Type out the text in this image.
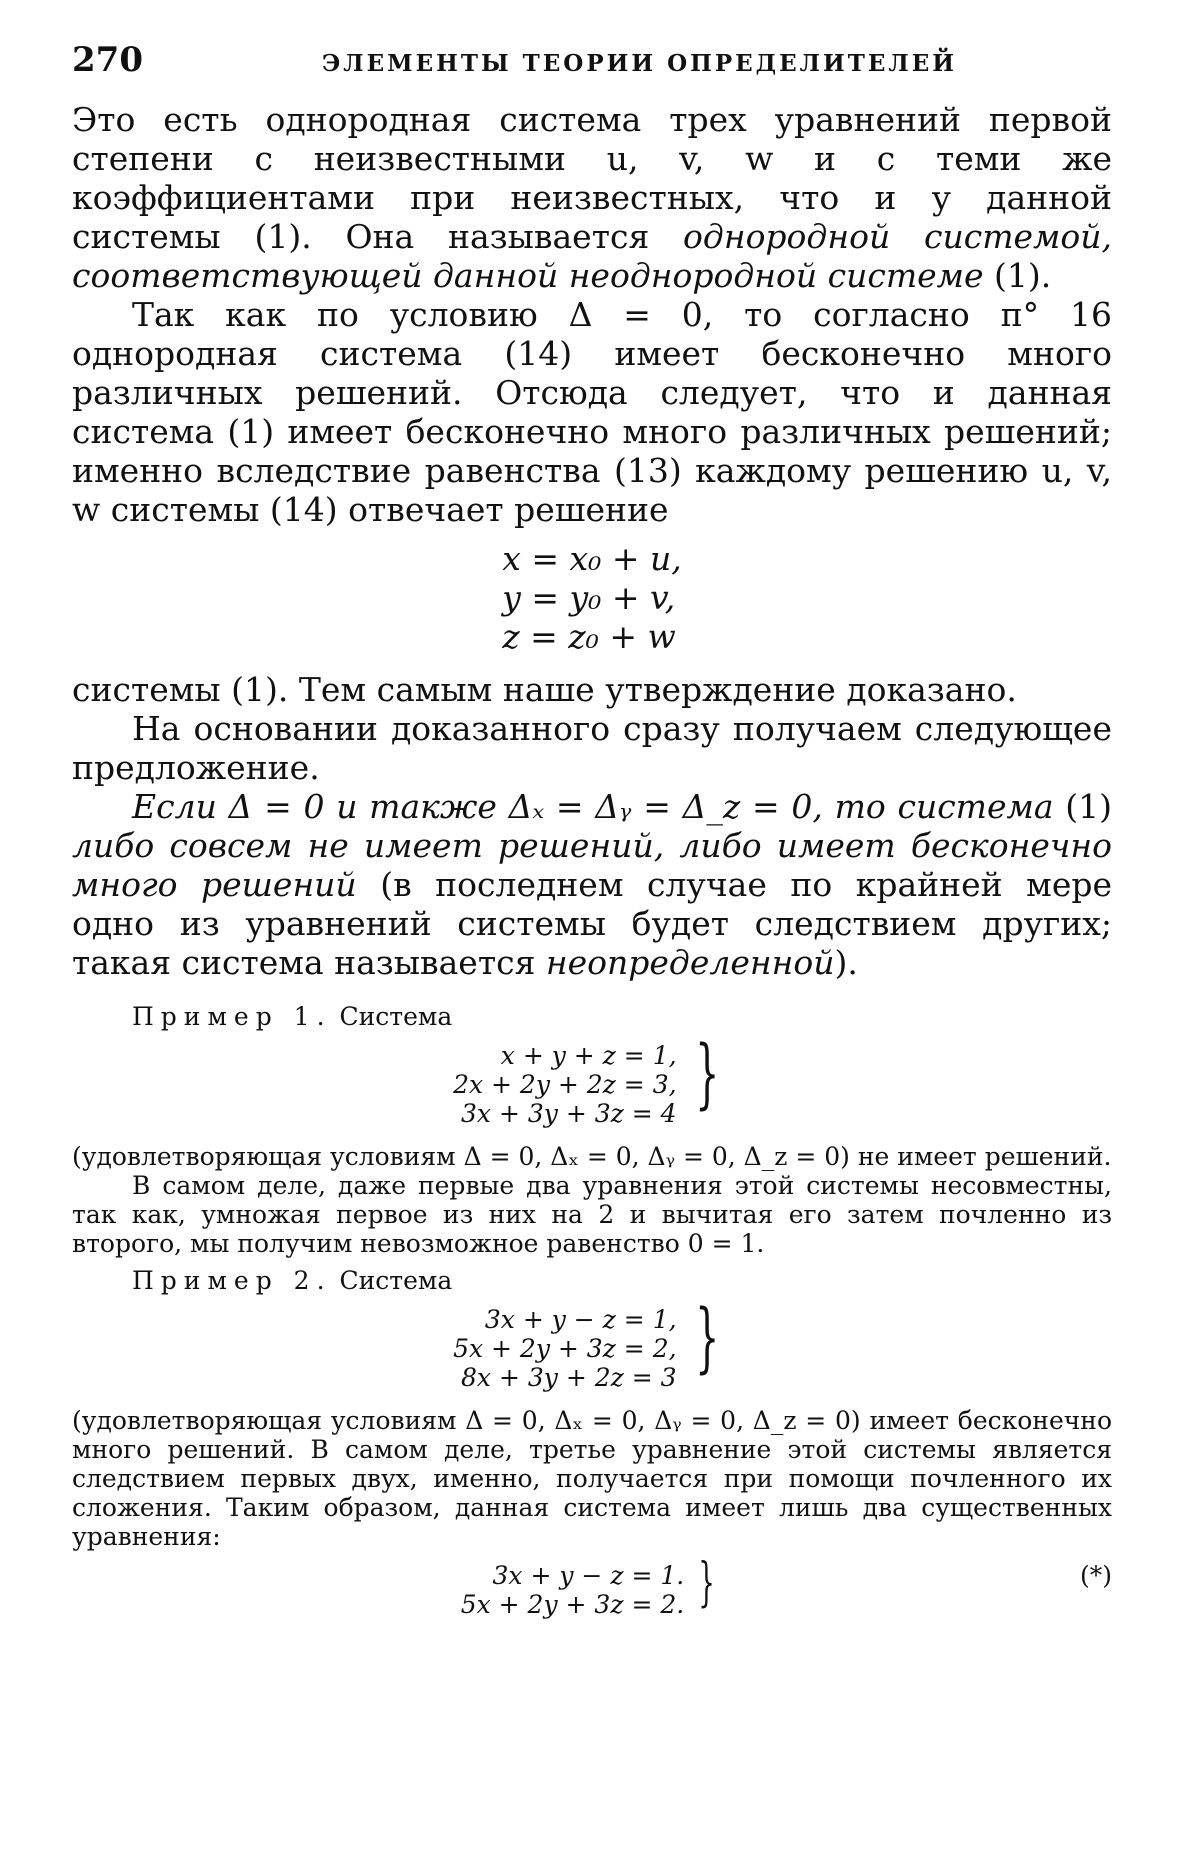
270	ЭЛЕМЕНТЫ ТЕОРИИ ОПРЕДЕЛИТЕЛЕЙ

Это есть однородная система трех уравнений первой степени с неизвестными u, v, w и с теми же коэффициентами при неизвестных, что и у данной системы (1). Она называется однородной системой, соответствующей данной неоднородной системе (1).

Так как по условию Δ = 0, то согласно п° 16 однородная система (14) имеет бесконечно много различных решений. Отсюда следует, что и данная система (1) имеет бесконечно много различных решений; именно вследствие равенства (13) каждому решению u, v, w системы (14) отвечает решение

x = x₀ + u,
y = y₀ + v,
z = z₀ + w

системы (1). Тем самым наше утверждение доказано.

На основании доказанного сразу получаем следующее предложение.

Если Δ = 0 и также Δₓ = Δᵧ = Δ_z = 0, то система (1) либо совсем не имеет решений, либо имеет бесконечно много решений (в последнем случае по крайней мере одно из уравнений системы будет следствием других; такая система называется неопределенной).

Пример 1. Система

x + y + z = 1,
2x + 2y + 2z = 3,
3x + 3y + 3z = 4 }

(удовлетворяющая условиям Δ = 0, Δₓ = 0, Δᵧ = 0, Δ_z = 0) не имеет решений.

В самом деле, даже первые два уравнения этой системы несовместны, так как, умножая первое из них на 2 и вычитая его затем почленно из второго, мы получим невозможное равенство 0 = 1.

Пример 2. Система

3x + y − z = 1,
5x + 2y + 3z = 2,
8x + 3y + 2z = 3 }

(удовлетворяющая условиям Δ = 0, Δₓ = 0, Δᵧ = 0, Δ_z = 0) имеет бесконечно много решений. В самом деле, третье уравнение этой системы является следствием первых двух, именно, получается при помощи почленного их сложения. Таким образом, данная система имеет лишь два существенных уравнения:

3x + y − z = 1.
5x + 2y + 3z = 2. }	(*)
